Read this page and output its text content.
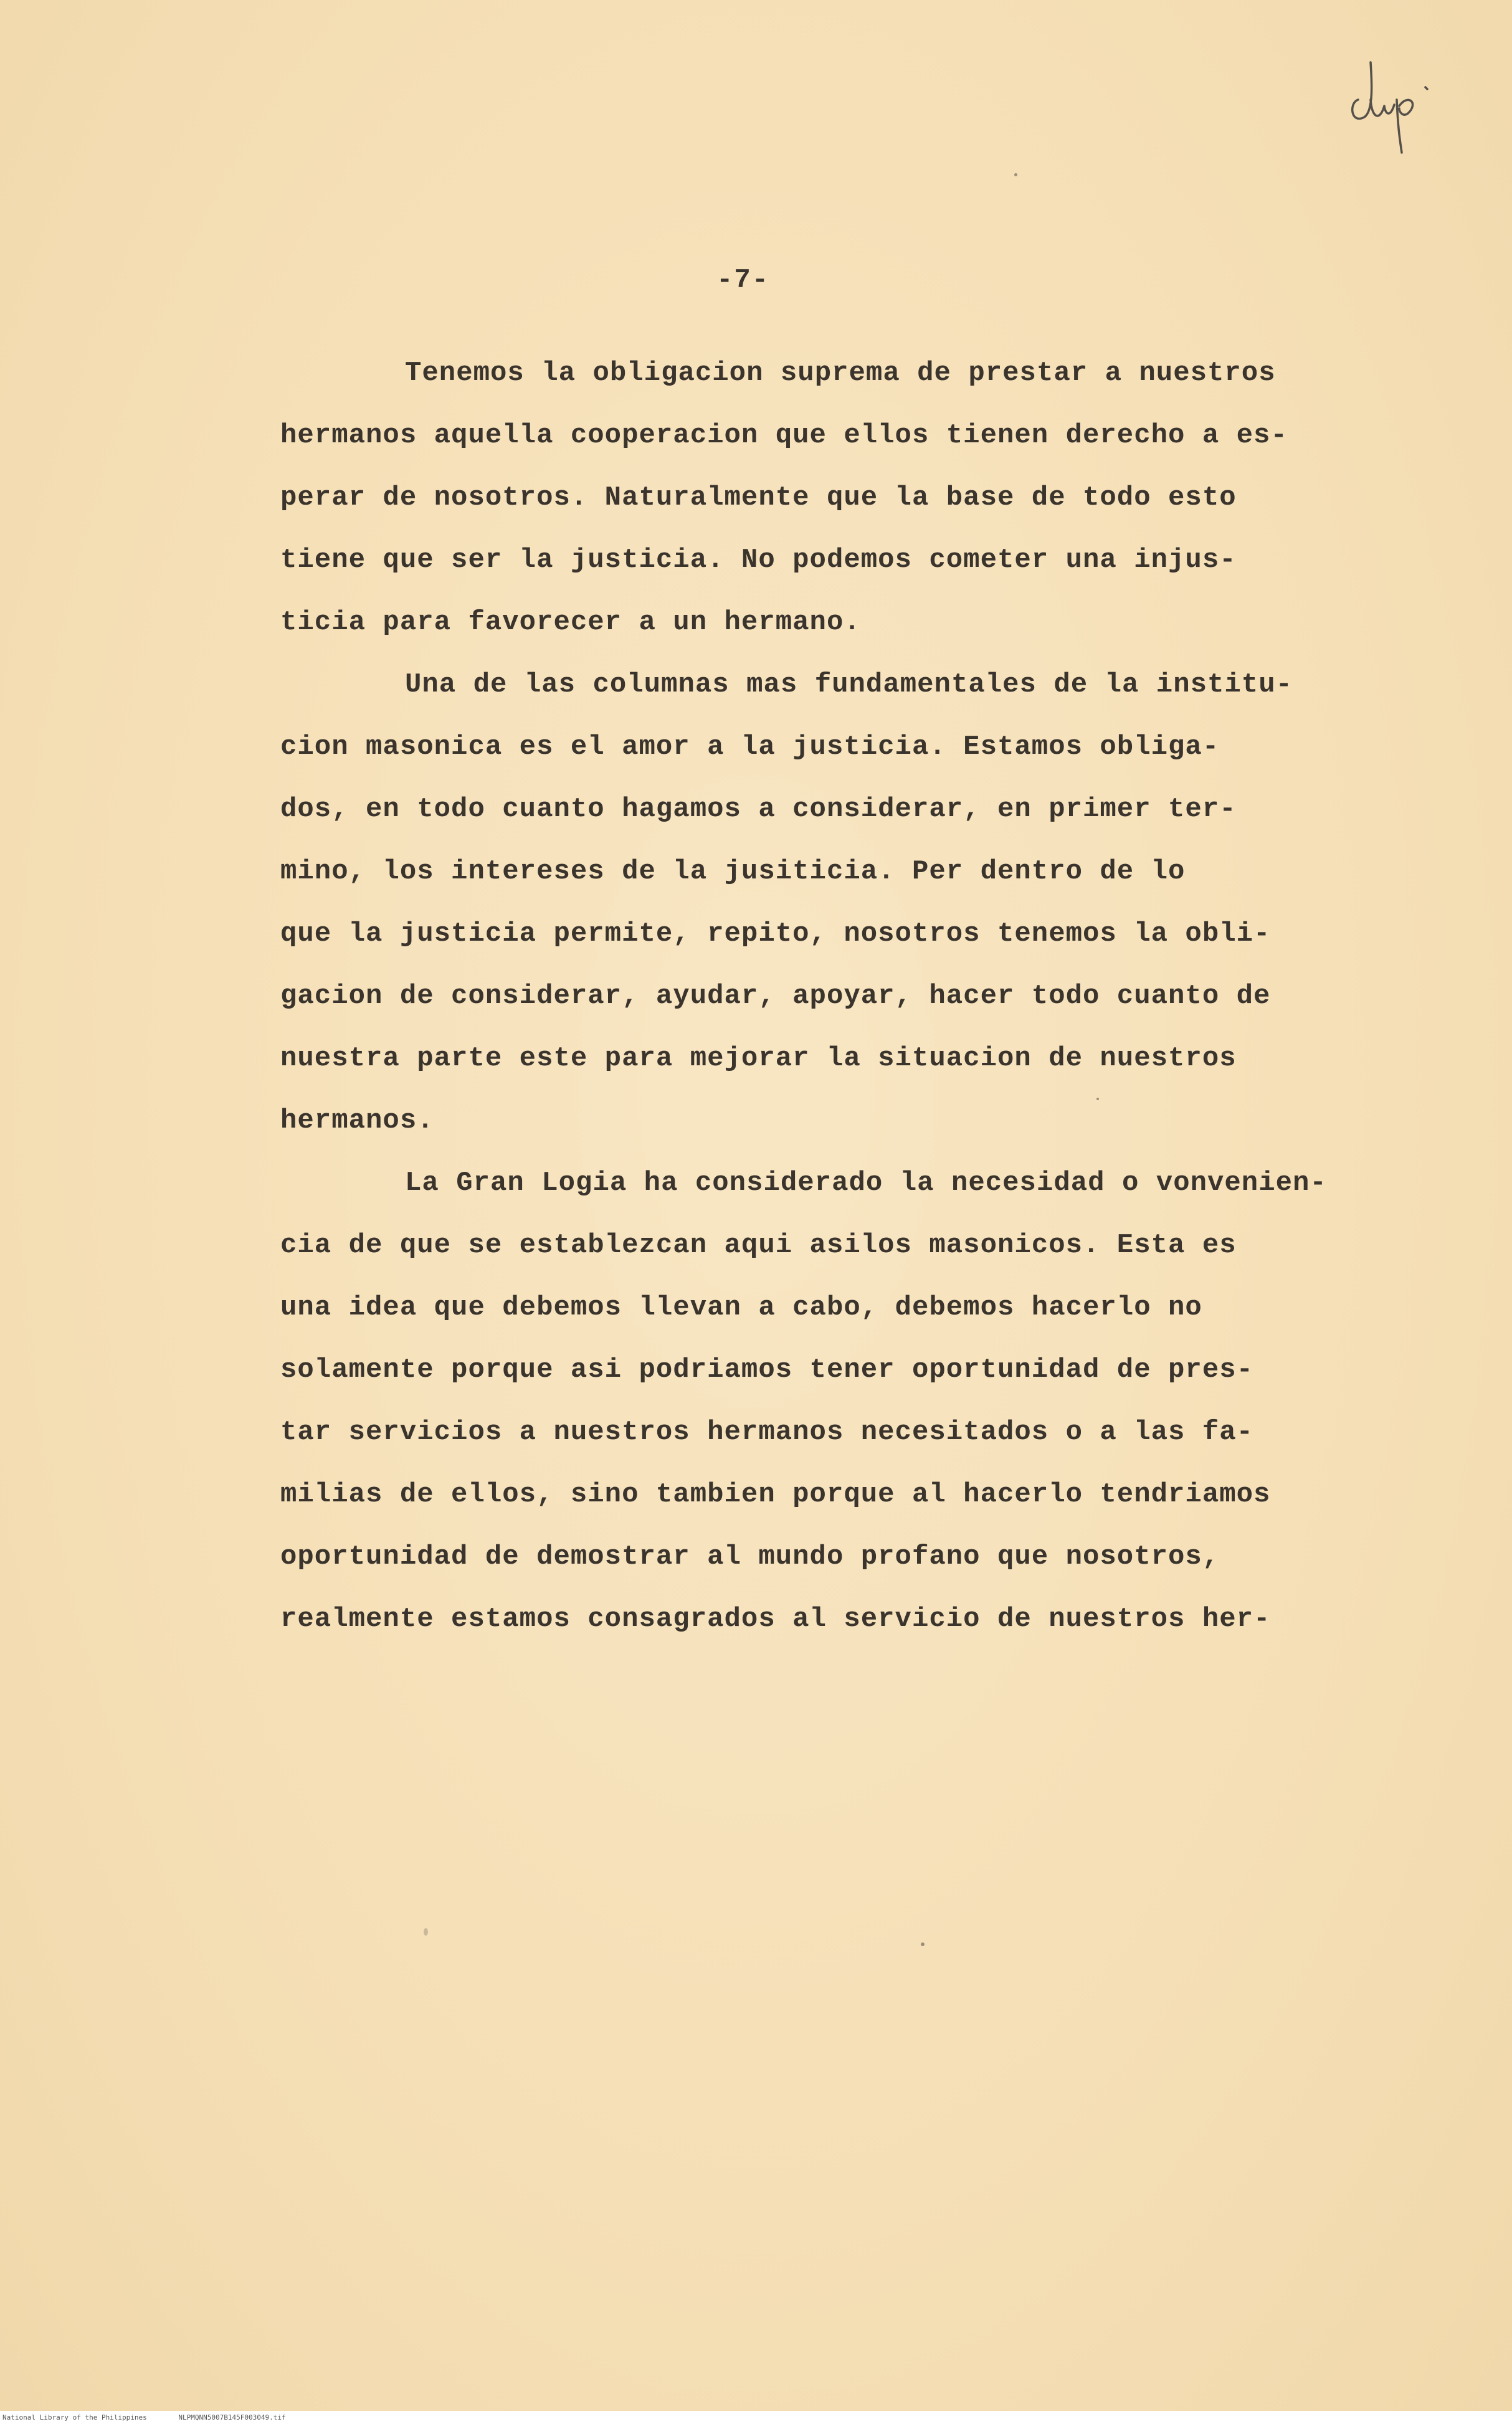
-7-
Tenemos la obligacion suprema de prestar a nuestros
hermanos aquella cooperacion que ellos tienen derecho a es-
perar de nosotros. Naturalmente que la base de todo esto
tiene que ser la justicia. No podemos cometer una injus-
ticia para favorecer a un hermano.
Una de las columnas mas fundamentales de la institu-
cion masonica es el amor a la justicia. Estamos obliga-
dos, en todo cuanto hagamos a considerar, en primer ter-
mino, los intereses de la jusiticia. Per dentro de lo
que la justicia permite, repito, nosotros tenemos la obli-
gacion de considerar, ayudar, apoyar, hacer todo cuanto de
nuestra parte este para mejorar la situacion de nuestros
hermanos.
La Gran Logia ha considerado la necesidad o vonvenien-
cia de que se establezcan aqui asilos masonicos. Esta es
una idea que debemos llevan a cabo, debemos hacerlo no
solamente porque asi podriamos tener oportunidad de pres-
tar servicios a nuestros hermanos necesitados o a las fa-
milias de ellos, sino tambien porque al hacerlo tendriamos
oportunidad de demostrar al mundo profano que nosotros,
realmente estamos consagrados al servicio de nuestros her-
National Library of the Philippines	NLPMQNN5007B145F003049.tif
